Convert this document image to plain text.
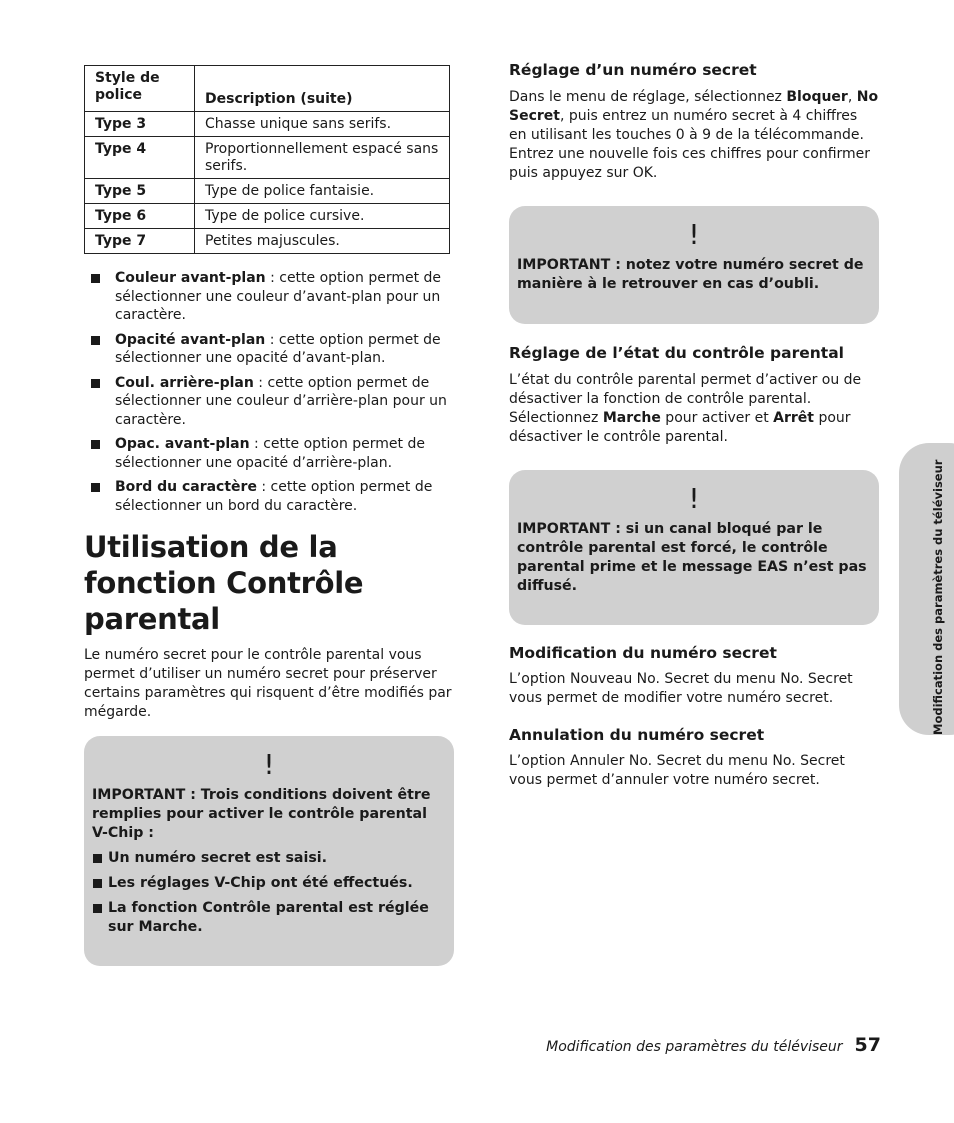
Style de police	Description (suite)
Type 3	Chasse unique sans serifs.
Type 4	Proportionnellement espacé sans serifs.
Type 5	Type de police fantaisie.
Type 6	Type de police cursive.
Type 7	Petites majuscules.
Couleur avant-plan : cette option permet de sélectionner une couleur d’avant-plan pour un caractère.
Opacité avant-plan : cette option permet de sélectionner une opacité d’avant-plan.
Coul. arrière-plan : cette option permet de sélectionner une couleur d’arrière-plan pour un caractère.
Opac. avant-plan : cette option permet de sélectionner une opacité d’arrière-plan.
Bord du caractère : cette option permet de sélectionner un bord du caractère.
Utilisation de la fonction Contrôle parental

Le numéro secret pour le contrôle parental vous permet d’utiliser un numéro secret pour préserver certains paramètres qui risquent d’être modifiés par mégarde.

!
IMPORTANT : Trois conditions doivent être remplies pour activer le contrôle parental V-Chip :
Un numéro secret est saisi.
Les réglages V-Chip ont été effectués.
La fonction Contrôle parental est réglée sur Marche.
Réglage d’un numéro secret

Dans le menu de réglage, sélectionnez Bloquer, No Secret, puis entrez un numéro secret à 4 chiffres en utilisant les touches 0 à 9 de la télécommande. Entrez une nouvelle fois ces chiffres pour confirmer puis appuyez sur OK.

!
IMPORTANT : notez votre numéro secret de manière à le retrouver en cas d’oubli.
Réglage de l’état du contrôle parental

L’état du contrôle parental permet d’activer ou de désactiver la fonction de contrôle parental. Sélectionnez Marche pour activer et Arrêt pour désactiver le contrôle parental.

!
IMPORTANT : si un canal bloqué par le contrôle parental est forcé, le contrôle parental prime et le message EAS n’est pas diffusé.
Modification du numéro secret

L’option Nouveau No. Secret du menu No. Secret vous permet de modifier votre numéro secret.

Annulation du numéro secret

L’option Annuler No. Secret du menu No. Secret vous permet d’annuler votre numéro secret.

Modification des paramètres du téléviseur
Modification des paramètres du téléviseur 57
